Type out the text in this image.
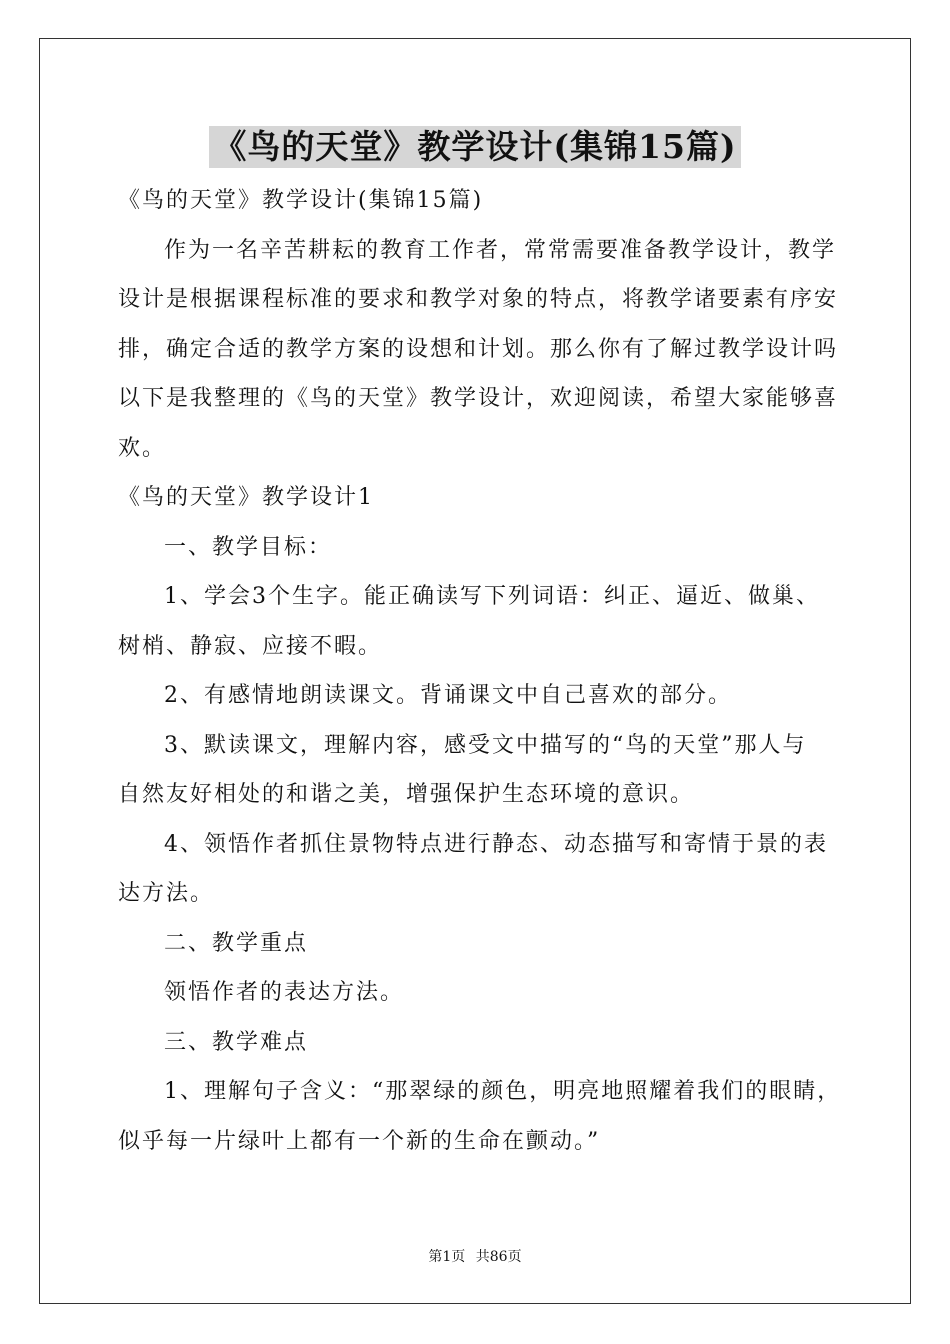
《鸟的天堂》教学设计(集锦15篇)

《鸟的天堂》教学设计(集锦15篇)

作为一名辛苦耕耘的教育工作者，常常需要准备教学设计，教学

设计是根据课程标准的要求和教学对象的特点，将教学诸要素有序安

排，确定合适的教学方案的设想和计划。那么你有了解过教学设计吗

以下是我整理的《鸟的天堂》教学设计，欢迎阅读，希望大家能够喜

欢。

《鸟的天堂》教学设计1

一、教学目标：

1、学会3个生字。能正确读写下列词语：纠正、逼近、做巢、

树梢、静寂、应接不暇。

2、有感情地朗读课文。背诵课文中自己喜欢的部分。

3、默读课文，理解内容，感受文中描写的“鸟的天堂”那人与

自然友好相处的和谐之美，增强保护生态环境的意识。

4、领悟作者抓住景物特点进行静态、动态描写和寄情于景的表

达方法。

二、教学重点

领悟作者的表达方法。

三、教学难点

1、理解句子含义：“那翠绿的颜色，明亮地照耀着我们的眼睛，

似乎每一片绿叶上都有一个新的生命在颤动。”

第1页 共86页
